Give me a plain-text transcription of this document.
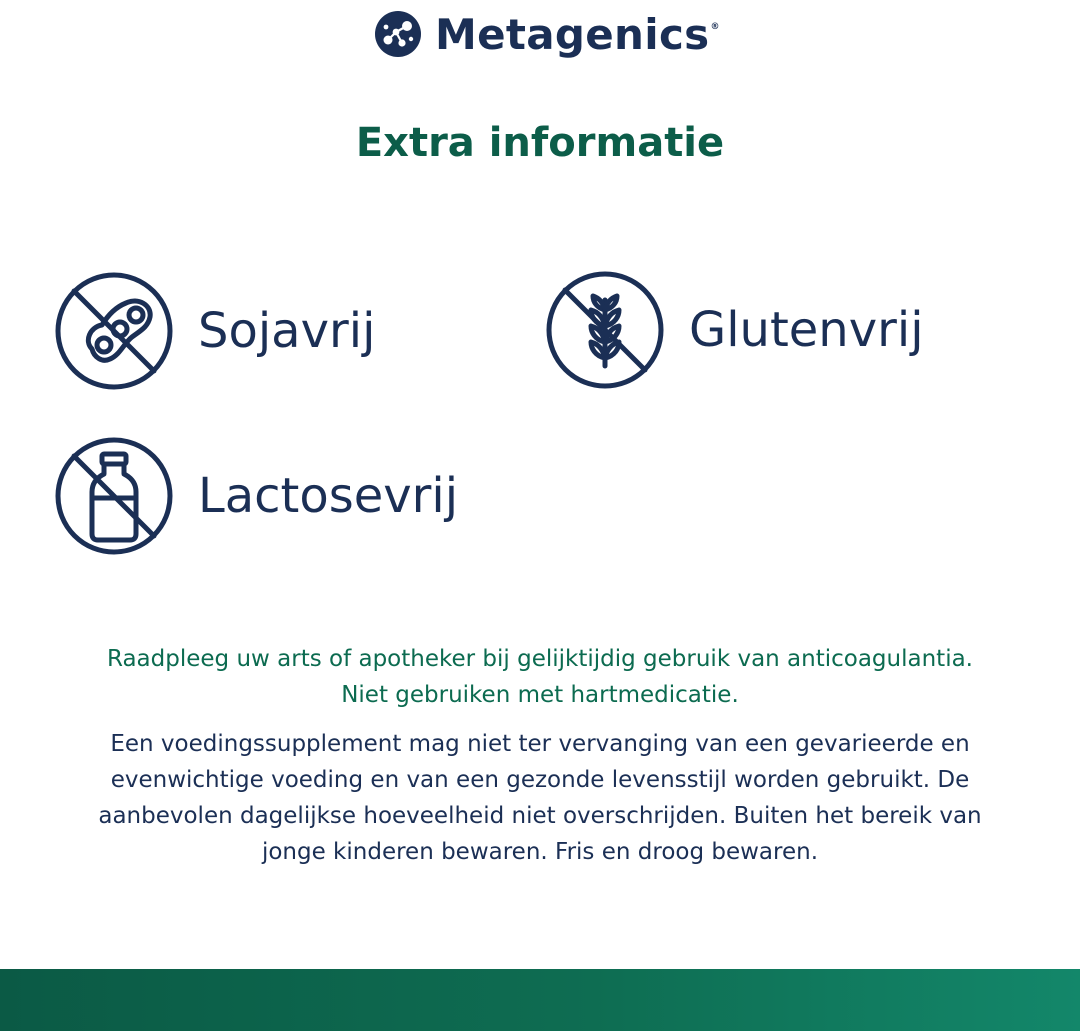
Metagenics®
Extra informatie
Sojavrij	Glutenvrij
Lactosevrij
Raadpleeg uw arts of apotheker bij gelijktijdig gebruik van anticoagulantia.
Niet gebruiken met hartmedicatie.
Een voedingssupplement mag niet ter vervanging van een gevarieerde en
evenwichtige voeding en van een gezonde levensstijl worden gebruikt. De
aanbevolen dagelijkse hoeveelheid niet overschrijden. Buiten het bereik van
jonge kinderen bewaren. Fris en droog bewaren.
